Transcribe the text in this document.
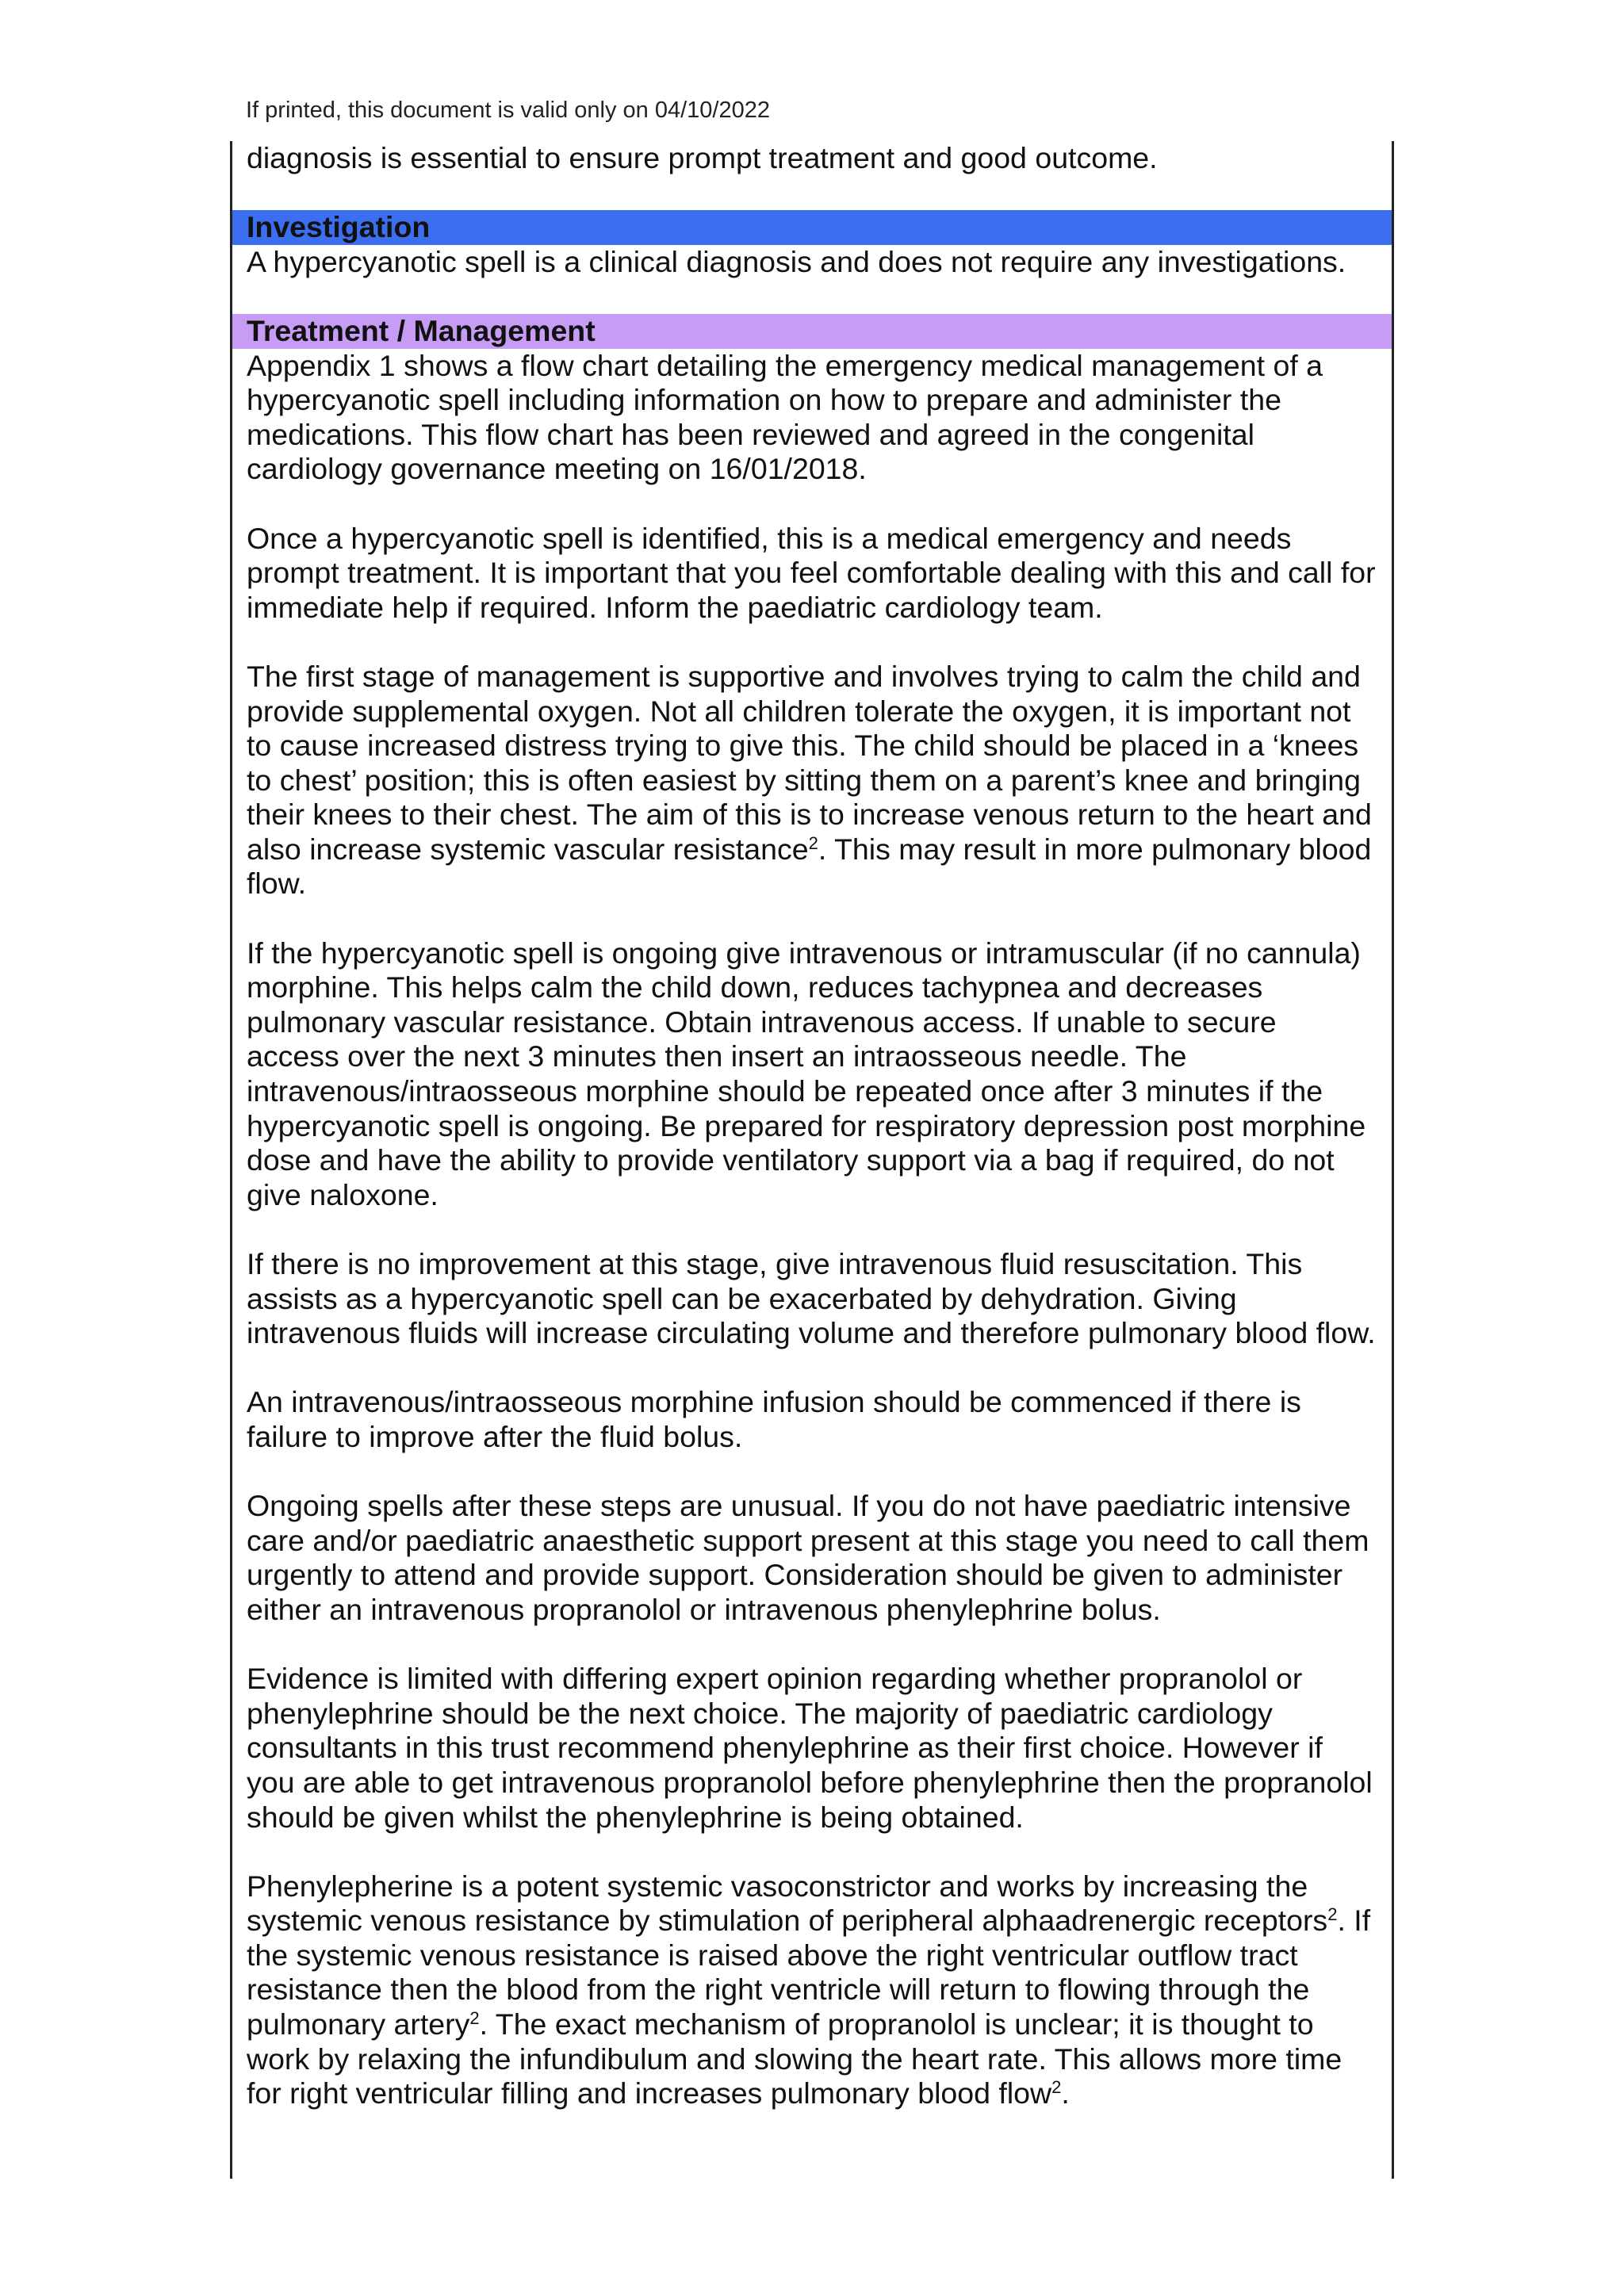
If printed, this document is valid only on 04/10/2022

diagnosis is essential to ensure prompt treatment and good outcome.

Investigation

A hypercyanotic spell is a clinical diagnosis and does not require any investigations.

Treatment / Management

Appendix 1 shows a flow chart detailing the emergency medical management of a hypercyanotic spell including information on how to prepare and administer the medications. This flow chart has been reviewed and agreed in the congenital cardiology governance meeting on 16/01/2018.

Once a hypercyanotic spell is identified, this is a medical emergency and needs prompt treatment. It is important that you feel comfortable dealing with this and call for immediate help if required. Inform the paediatric cardiology team.

The first stage of management is supportive and involves trying to calm the child and provide supplemental oxygen. Not all children tolerate the oxygen, it is important not to cause increased distress trying to give this. The child should be placed in a ‘knees to chest’ position; this is often easiest by sitting them on a parent’s knee and bringing their knees to their chest. The aim of this is to increase venous return to the heart and also increase systemic vascular resistance$^2$. This may result in more pulmonary blood flow.

If the hypercyanotic spell is ongoing give intravenous or intramuscular (if no cannula) morphine. This helps calm the child down, reduces tachypnea and decreases pulmonary vascular resistance. Obtain intravenous access. If unable to secure access over the next 3 minutes then insert an intraosseous needle. The intravenous/intraosseous morphine should be repeated once after 3 minutes if the hypercyanotic spell is ongoing. Be prepared for respiratory depression post morphine dose and have the ability to provide ventilatory support via a bag if required, do not give naloxone.

If there is no improvement at this stage, give intravenous fluid resuscitation. This assists as a hypercyanotic spell can be exacerbated by dehydration. Giving intravenous fluids will increase circulating volume and therefore pulmonary blood flow.

An intravenous/intraosseous morphine infusion should be commenced if there is failure to improve after the fluid bolus.

Ongoing spells after these steps are unusual. If you do not have paediatric intensive care and/or paediatric anaesthetic support present at this stage you need to call them urgently to attend and provide support. Consideration should be given to administer either an intravenous propranolol or intravenous phenylephrine bolus.

Evidence is limited with differing expert opinion regarding whether propranolol or phenylephrine should be the next choice. The majority of paediatric cardiology consultants in this trust recommend phenylephrine as their first choice. However if you are able to get intravenous propranolol before phenylephrine then the propranolol should be given whilst the phenylephrine is being obtained.

Phenylepherine is a potent systemic vasoconstrictor and works by increasing the systemic venous resistance by stimulation of peripheral alphaadrenergic receptors$^2$. If the systemic venous resistance is raised above the right ventricular outflow tract resistance then the blood from the right ventricle will return to flowing through the pulmonary artery$^2$. The exact mechanism of propranolol is unclear; it is thought to work by relaxing the infundibulum and slowing the heart rate. This allows more time for right ventricular filling and increases pulmonary blood flow$^2$.
